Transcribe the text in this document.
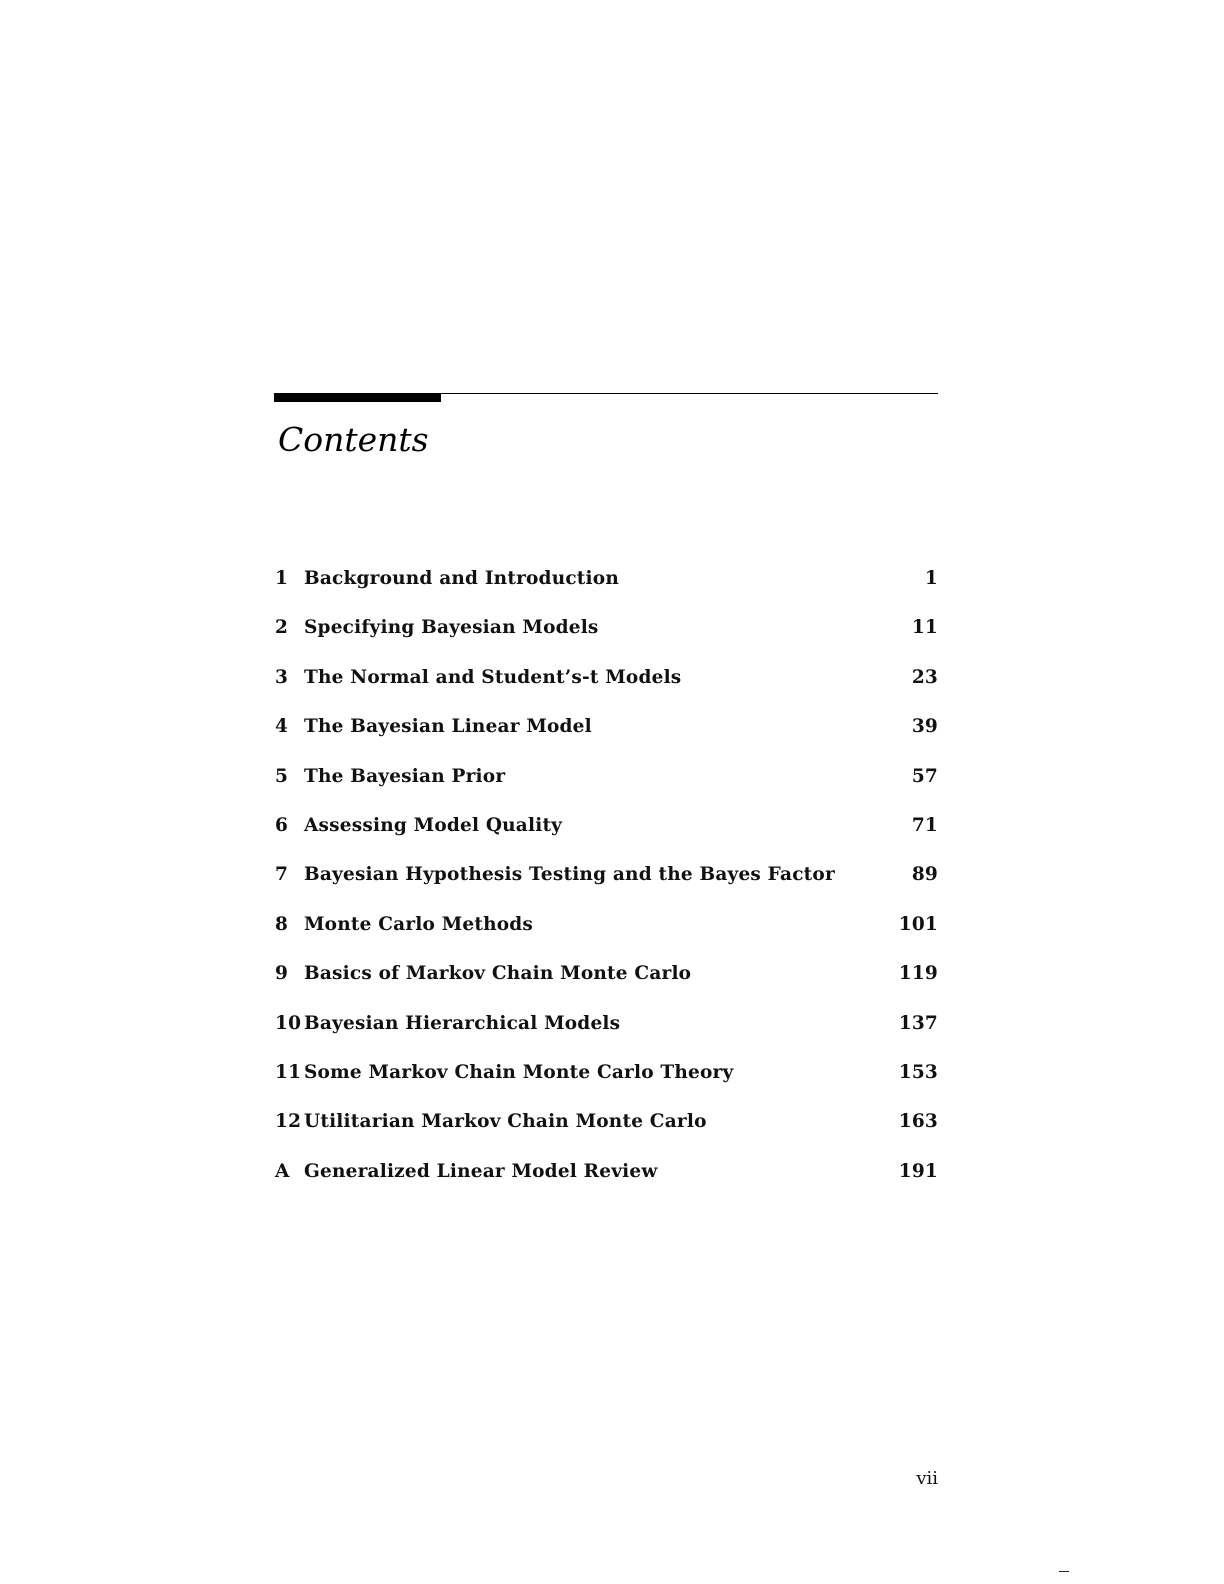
Contents
1 Background and Introduction	1
2 Specifying Bayesian Models	11
3 The Normal and Student’s-t Models	23
4 The Bayesian Linear Model	39
5 The Bayesian Prior	57
6 Assessing Model Quality	71
7 Bayesian Hypothesis Testing and the Bayes Factor	89
8 Monte Carlo Methods	101
9 Basics of Markov Chain Monte Carlo	119
10 Bayesian Hierarchical Models	137
11 Some Markov Chain Monte Carlo Theory	153
12 Utilitarian Markov Chain Monte Carlo	163
A Generalized Linear Model Review	191
vii
